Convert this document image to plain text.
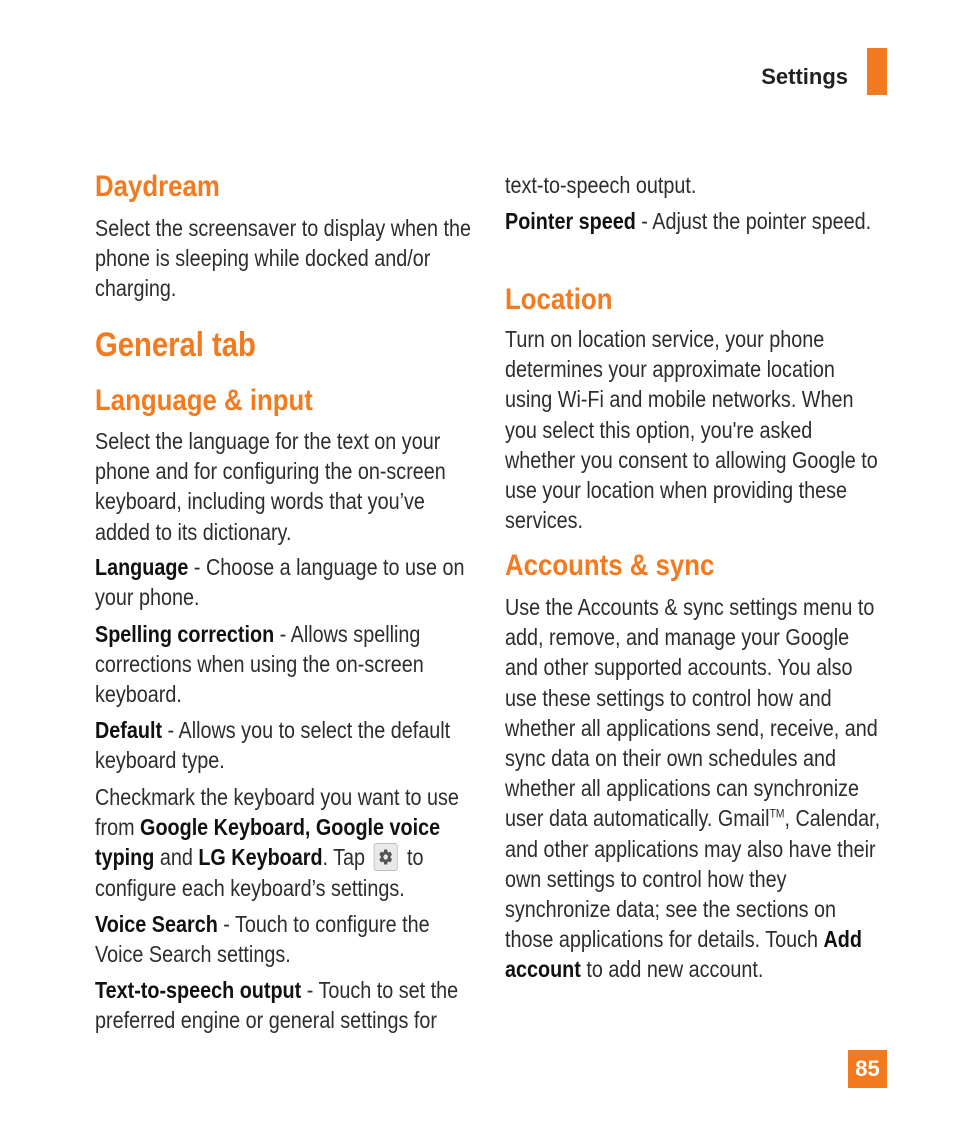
Settings
Daydream

Select the screensaver to display when the phone is sleeping while docked and/or charging.

General tab
Language & input

Select the language for the text on your phone and for configuring the on-screen keyboard, including words that you’ve added to its dictionary.

Language - Choose a language to use on your phone.

Spelling correction - Allows spelling corrections when using the on-screen keyboard.

Default - Allows you to select the default keyboard type.

Checkmark the keyboard you want to use from Google Keyboard, Google voice typing and LG Keyboard. Tap
to configure each keyboard’s settings.

Voice Search - Touch to configure the Voice Search settings.

Text-to-speech output - Touch to set the preferred engine or general settings for

text-to-speech output.

Pointer speed - Adjust the pointer speed.

Location

Turn on location service, your phone determines your approximate location using Wi-Fi and mobile networks. When you select this option, you're asked whether you consent to allowing Google to use your location when providing these services.

Accounts & sync

Use the Accounts & sync settings menu to add, remove, and manage your Google and other supported accounts. You also use these settings to control how and whether all applications send, receive, and sync data on their own schedules and whether all applications can synchronize user data automatically. Gmail™, Calendar, and other applications may also have their own settings to control how they synchronize data; see the sections on those applications for details. Touch Add account to add new account.

85
